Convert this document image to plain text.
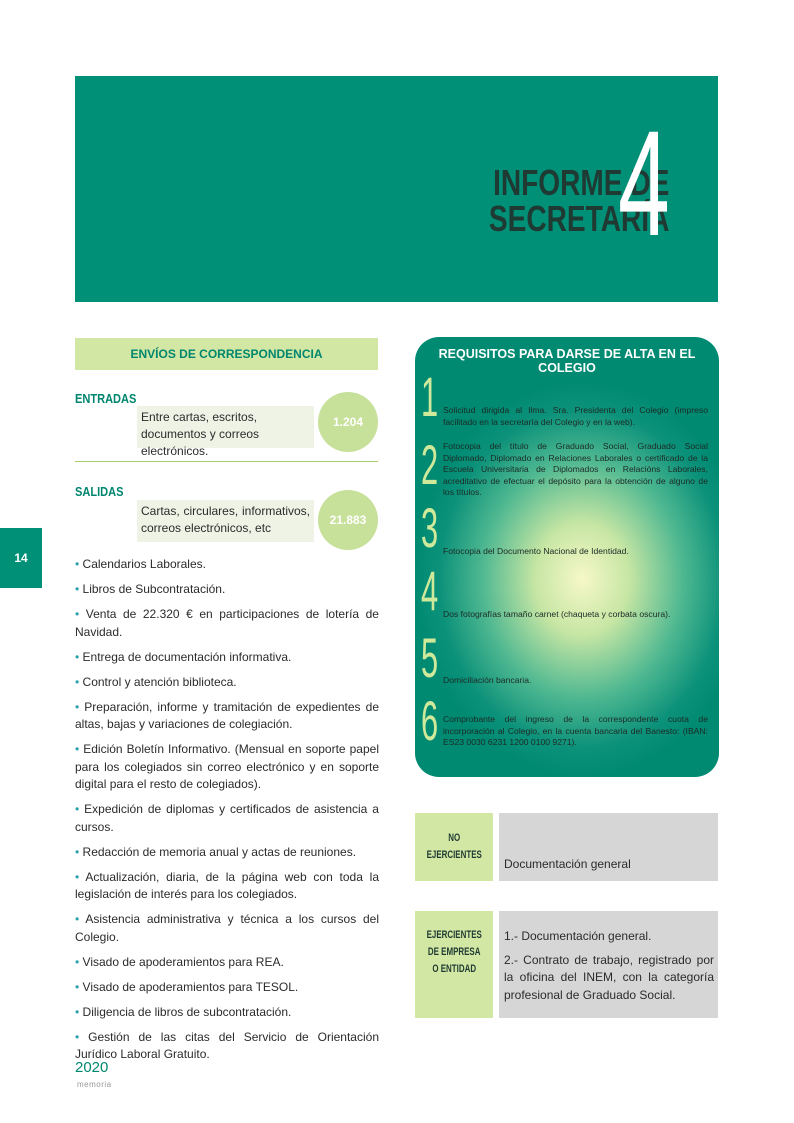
INFORME DE
SECRETARÍA
4
14
ENVÍOS DE CORRESPONDENCIA
ENTRADAS
Entre cartas, escritos, documentos y correos electrónicos.
1.204
SALIDAS
Cartas, circulares, informativos, correos electrónicos, etc
21.883
• Calendarios Laborales.
• Libros de Subcontratación.
• Venta de 22.320 € en participaciones de lotería de Navidad.
• Entrega de documentación informativa.
• Control y atención biblioteca.
• Preparación, informe y tramitación de expedientes de altas, bajas y variaciones de colegiación.
• Edición Boletín Informativo. (Mensual en soporte papel para los colegiados sin correo electrónico y en soporte digital para el resto de colegiados).
• Expedición de diplomas y certificados de asistencia a cursos.
• Redacción de memoria anual y actas de reuniones.
• Actualización, diaria, de la página web con toda la legislación de interés para los colegiados.
• Asistencia administrativa y técnica a los cursos del Colegio.
• Visado de apoderamientos para REA.
• Visado de apoderamientos para TESOL.
• Diligencia de libros de subcontratación.
• Gestión de las citas del Servicio de Orientación Jurídico Laboral Gratuito.
REQUISITOS PARA DARSE DE ALTA EN EL COLEGIO
1 Solicitud dirigida al Ilma. Sra. Presidenta del Colegio (impreso facilitado en la secretaría del Colegio y en la web).
2 Fotocopia del título de Graduado Social, Graduado Social Diplomado, Diplomado en Relaciones Laborales o certificado de la Escuela Universitaria de Diplomados en Relacións Laborales, acreditativo de efectuar el depósito para la obtención de alguno de los títulos.
3 Fotocopia del Documento Nacional de Identidad.
4 Dos fotografías tamaño carnet (chaqueta y corbata oscura).
5 Domiciliación bancaria.
6 Comprobante del ingreso de la correspondente cuota de incorporación al Colegio, en la cuenta bancaria del Banesto: (IBAN: ES23 0030 6231 1200 0100 9271).
NO
EJERCIENTES
Documentación general
EJERCIENTES
DE EMPRESA
O ENTIDAD
1.- Documentación general.
2.- Contrato de trabajo, registrado por la oficina del INEM, con la categoría profesional de Graduado Social.
2020
memoria
